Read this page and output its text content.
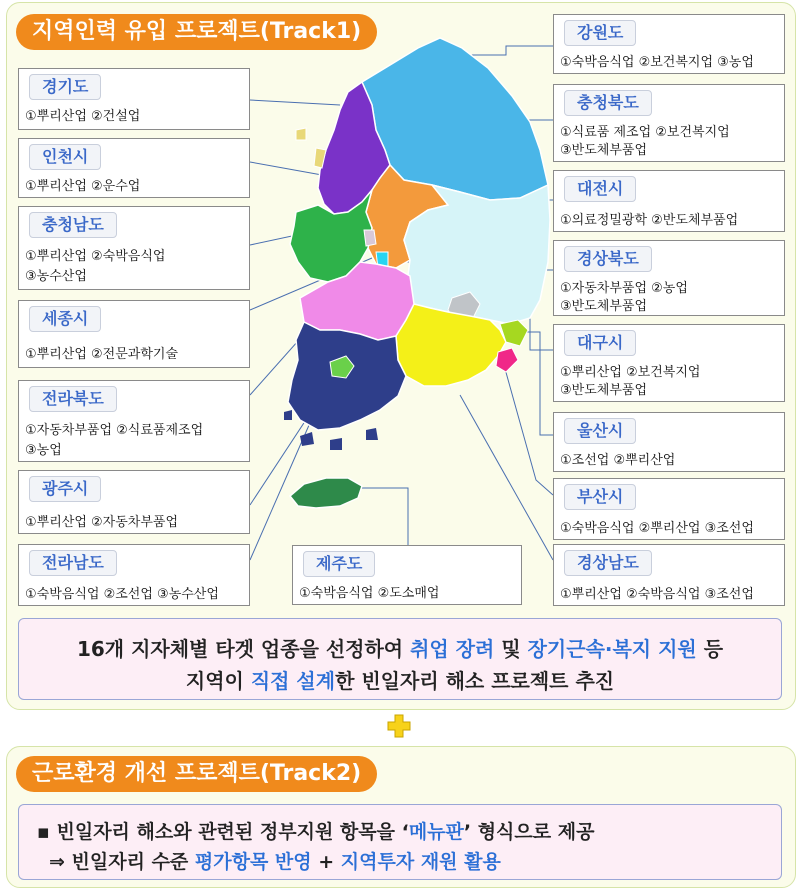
지역인력 유입 프로젝트(Track1)
경기도
①뿌리산업 ②건설업
인천시
①뿌리산업 ②운수업
충청남도
①뿌리산업 ②숙박음식업
③농수산업
세종시
①뿌리산업 ②전문과학기술
전라북도
①자동차부품업 ②식료품제조업
③농업
광주시
①뿌리산업 ②자동차부품업
전라남도
①숙박음식업 ②조선업 ③농수산업
제주도
①숙박음식업 ②도소매업
강원도
①숙박음식업 ②보건복지업 ③농업
충청북도
①식료품 제조업 ②보건복지업
③반도체부품업
대전시
①의료정밀광학 ②반도체부품업
경상북도
①자동차부품업 ②농업
③반도체부품업
대구시
①뿌리산업 ②보건복지업
③반도체부품업
울산시
①조선업 ②뿌리산업
부산시
①숙박음식업 ②뿌리산업 ③조선업
경상남도
①뿌리산업 ②숙박음식업 ③조선업
16개 지자체별 타겟 업종을 선정하여 취업 장려 및 장기근속·복지 지원 등
지역이 직접 설계한 빈일자리 해소 프로젝트 추진
근로환경 개선 프로젝트(Track2)
▪ 빈일자리 해소와 관련된 정부지원 항목을 ‘메뉴판’ 형식으로 제공
⇒ 빈일자리 수준 평가항목 반영 + 지역투자 재원 활용
